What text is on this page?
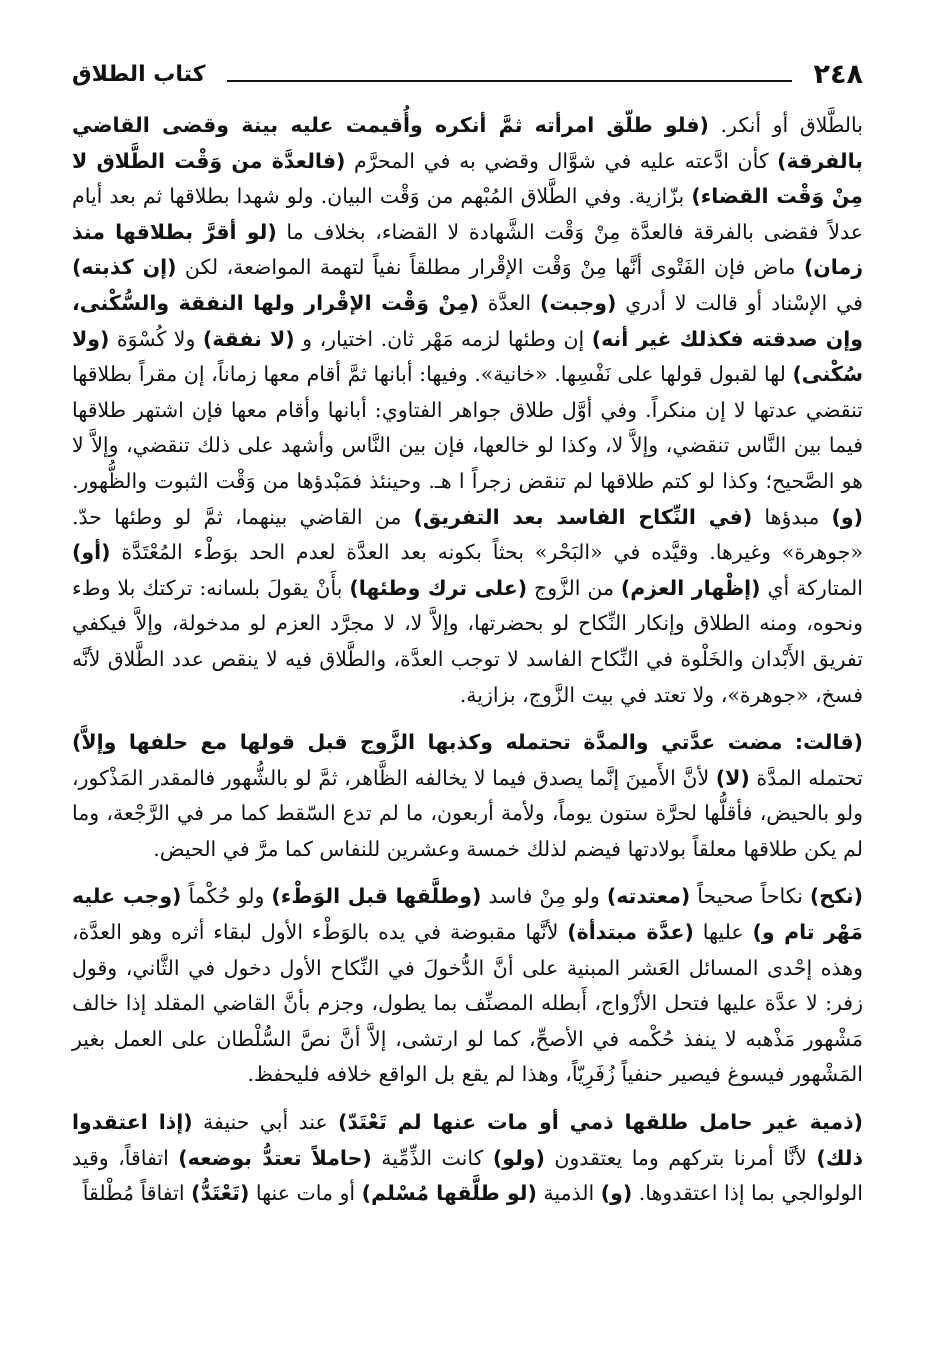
٢٤٨
كتاب الطلاق

بالطَّلاق أو أنكر. (فلو طلّق امرأته ثمَّ أنكره وأُقيمت عليه بينة وقضى القاضي بالفرقة) كأن ادَّعته عليه في شوَّال وقضي به في المحرَّم (فالعدَّة من وَقْت الطَّلاق لا مِنْ وَقْت القضاء) بزّازية. وفي الطَّلاق المُبْهم من وَقْت البيان. ولو شهدا بطلاقها ثم بعد أيام عدلاً فقضى بالفرقة فالعدَّة مِنْ وَقْت الشَّهادة لا القضاء، بخلاف ما (لو أقرَّ بطلاقها منذ زمان) ماض فإن الفَتْوى أنَّها مِنْ وَقْت الإقْرار مطلقاً نفياً لتهمة المواضعة، لكن (إن كذبته) في الإسْناد أو قالت لا أدري (وجبت) العدَّة (مِنْ وَقْت الإقْرار ولها النفقة والسُّكْنى، وإن صدقته فكذلك غير أنه) إن وطئها لزمه مَهْر ثان. اختيار، و (لا نفقة) ولا كُسْوَة (ولا سُكْنى) لها لقبول قولها على نَفْسِها. «خانية». وفيها: أبانها ثمَّ أقام معها زماناً، إن مقراً بطلاقها تنقضي عدتها لا إن منكراً. وفي أوَّل طلاق جواهر الفتاوي: أبانها وأقام معها فإن اشتهر طلاقها فيما بين النَّاس تنقضي، وإلاَّ لا، وكذا لو خالعها، فإن بين النَّاس وأشهد على ذلك تنقضي، وإلاَّ لا هو الصَّحيح؛ وكذا لو كتم طلاقها لم تنقض زجراً ا هـ. وحينئذ فمَبْدؤها من وَقْت الثبوت والظُّهور. (و) مبدؤها (في النِّكاح الفاسد بعد التفريق) من القاضي بينهما، ثمَّ لو وطئها حدّ. «جوهرة» وغيرها. وقيَّده في «البَحْر» بحثاً بكونه بعد العدَّة لعدم الحد بوَطْء المُعْتَدَّة (أو) المتاركة أي (إظْهار العزم) من الزَّوج (على ترك وطئها) بأَنْ يقولَ بلسانه: تركتك بلا وطء ونحوه، ومنه الطلاق وإنكار النِّكاح لو بحضرتها، وإلاَّ لا، لا مجرَّد العزم لو مدخولة، وإلاَّ فيكفي تفريق الأَبْدان والخَلْوة في النِّكاح الفاسد لا توجب العدَّة، والطَّلاق فيه لا ينقص عدد الطَّلاق لأنَّه فسخ، «جوهرة»، ولا تعتد في بيت الزَّوج، بزازية.

(قالت: مضت عدَّتي والمدَّة تحتمله وكذبها الزَّوج قبل قولها مع حلفها وإلاَّ) تحتمله المدَّة (لا) لأنَّ الأَمينَ إنَّما يصدق فيما لا يخالفه الظَّاهر، ثمَّ لو بالشُّهور فالمقدر المَذْكور، ولو بالحيض، فأقلُّها لحرَّة ستون يوماً، ولأمة أربعون، ما لم تدع السّقط كما مر في الرَّجْعة، وما لم يكن طلاقها معلقاً بولادتها فيضم لذلك خمسة وعشرين للنفاس كما مرَّ في الحيض.

(نكح) نكاحاً صحيحاً (معتدته) ولو مِنْ فاسد (وطلَّقها قبل الوَطْء) ولو حُكْماً (وجب عليه مَهْر تام و) عليها (عدَّة مبتدأة) لأنَّها مقبوضة في يده بالوَطْء الأول لبقاء أثره وهو العدَّة، وهذه إحْدى المسائل العَشر المبنية على أنَّ الدُّخولَ في النِّكاح الأول دخول في الثَّاني، وقول زفر: لا عدَّة عليها فتحل الأزْواج، أَبطله المصنِّف بما يطول، وجزم بأنَّ القاضي المقلد إذا خالف مَشْهور مَذْهبه لا ينفذ حُكْمه في الأصحِّ، كما لو ارتشى، إلاَّ أنَّ نصَّ السُّلْطان على العمل بغير المَشْهور فيسوغ فيصير حنفياً زُفَرِيّاً، وهذا لم يقع بل الواقع خلافه فليحفظ.

(ذمية غير حامل طلقها ذمي أو مات عنها لم تَعْتَدّ) عند أبي حنيفة (إذا اعتقدوا ذلك) لأنَّا أمرنا بتركهم وما يعتقدون (ولو) كانت الذِّمِّية (حاملاً تعتدُّ بوضعه) اتفاقاً، وقيد الولوالجي بما إذا اعتقدوها. (و) الذمية (لو طلَّقها مُسْلم) أو مات عنها (تَعْتَدُّ) اتفاقاً مُطْلقاً
